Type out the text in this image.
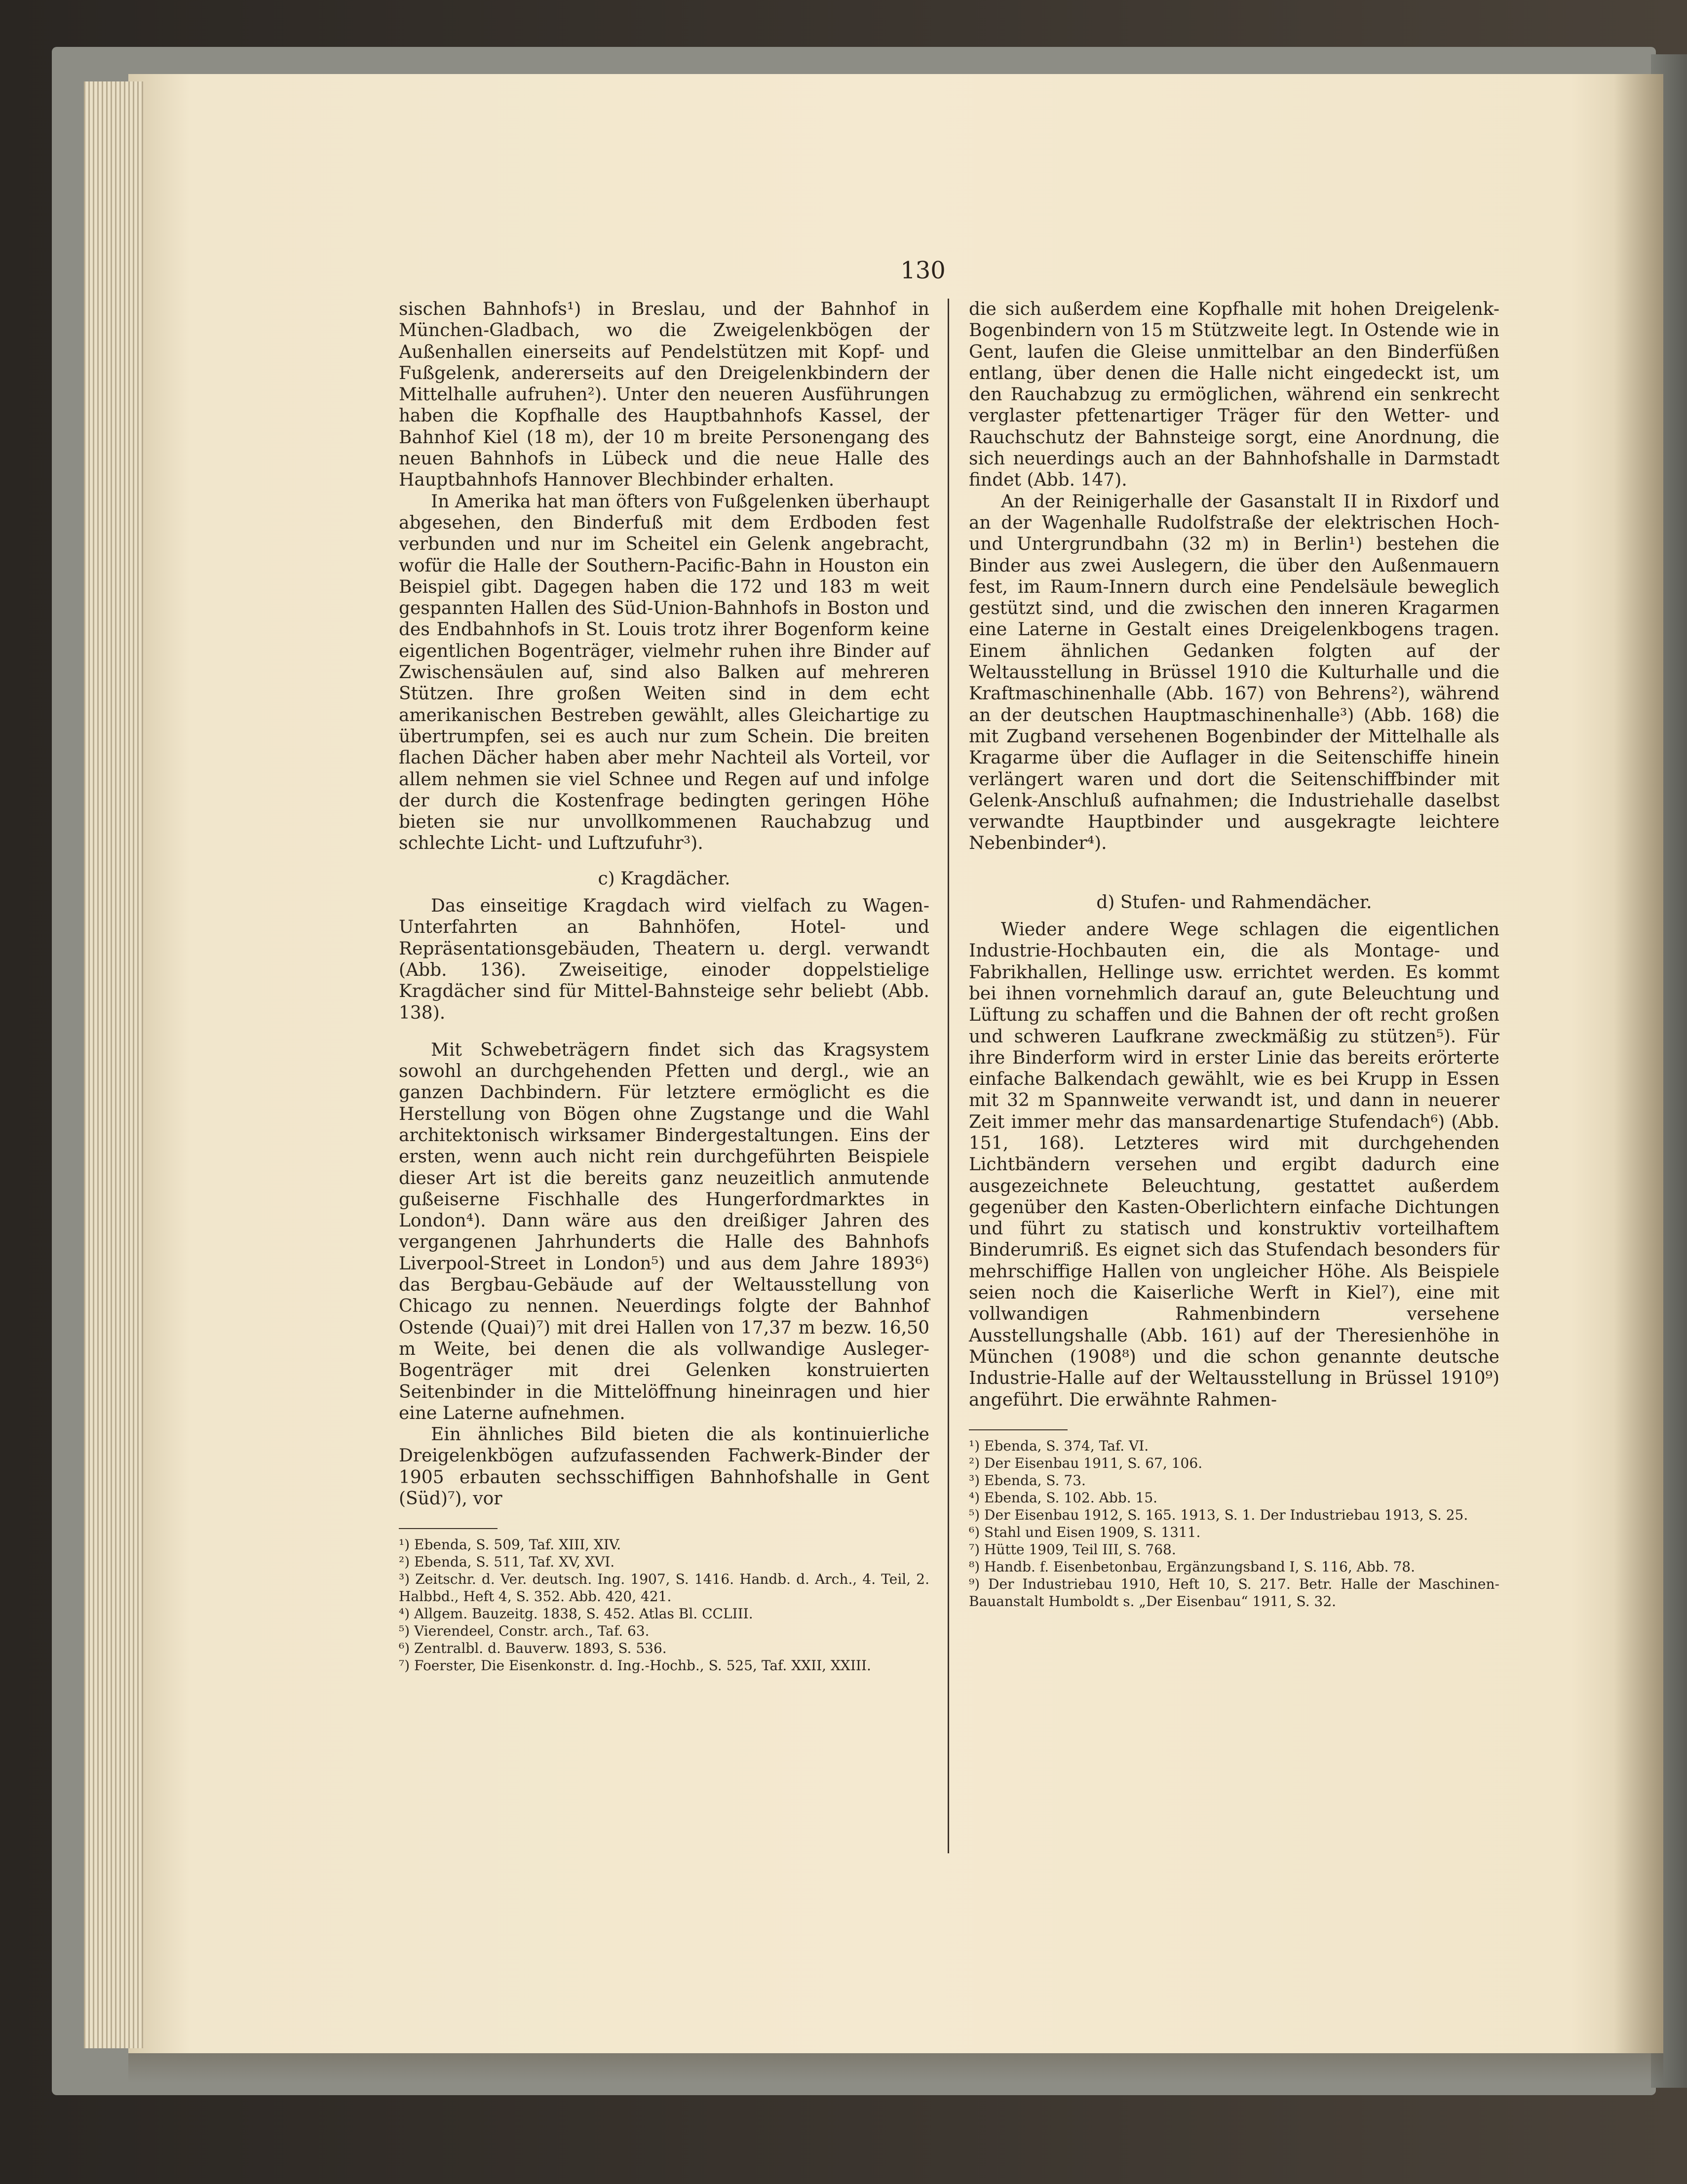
130

sischen Bahnhofs¹) in Breslau, und der Bahnhof in München-Gladbach, wo die Zweigelenkbögen der Außenhallen einerseits auf Pendelstützen mit Kopf- und Fußgelenk, andererseits auf den Dreigelenkbindern der Mittelhalle aufruhen²). Unter den neueren Ausführungen haben die Kopfhalle des Hauptbahnhofs Kassel, der Bahnhof Kiel (18 m), der 10 m breite Personengang des neuen Bahnhofs in Lübeck und die neue Halle des Hauptbahnhofs Hannover Blechbinder erhalten.

In Amerika hat man öfters von Fußgelenken überhaupt abgesehen, den Binderfuß mit dem Erdboden fest verbunden und nur im Scheitel ein Gelenk angebracht, wofür die Halle der Southern-Pacific-Bahn in Houston ein Beispiel gibt. Dagegen haben die 172 und 183 m weit gespannten Hallen des Süd-Union-Bahnhofs in Boston und des Endbahnhofs in St. Louis trotz ihrer Bogenform keine eigentlichen Bogenträger, vielmehr ruhen ihre Binder auf Zwischensäulen auf, sind also Balken auf mehreren Stützen. Ihre großen Weiten sind in dem echt amerikanischen Bestreben gewählt, alles Gleichartige zu übertrumpfen, sei es auch nur zum Schein. Die breiten flachen Dächer haben aber mehr Nachteil als Vorteil, vor allem nehmen sie viel Schnee und Regen auf und infolge der durch die Kostenfrage bedingten geringen Höhe bieten sie nur unvollkommenen Rauchabzug und schlechte Licht- und Luftzufuhr³).

c) Kragdächer.

Das einseitige Kragdach wird vielfach zu Wagen-Unterfahrten an Bahnhöfen, Hotel- und Repräsentationsgebäuden, Theatern u. dergl. verwandt (Abb. 136). Zweiseitige, einoder doppelstielige Kragdächer sind für Mittel-Bahnsteige sehr beliebt (Abb. 138).

Mit Schwebeträgern findet sich das Kragsystem sowohl an durchgehenden Pfetten und dergl., wie an ganzen Dachbindern. Für letztere ermöglicht es die Herstellung von Bögen ohne Zugstange und die Wahl architektonisch wirksamer Bindergestaltungen. Eins der ersten, wenn auch nicht rein durchgeführten Beispiele dieser Art ist die bereits ganz neuzeitlich anmutende gußeiserne Fischhalle des Hungerfordmarktes in London⁴). Dann wäre aus den dreißiger Jahren des vergangenen Jahrhunderts die Halle des Bahnhofs Liverpool-Street in London⁵) und aus dem Jahre 1893⁶) das Bergbau-Gebäude auf der Weltausstellung von Chicago zu nennen. Neuerdings folgte der Bahnhof Ostende (Quai)⁷) mit drei Hallen von 17,37 m bezw. 16,50 m Weite, bei denen die als vollwandige Ausleger-Bogenträger mit drei Gelenken konstruierten Seitenbinder in die Mittelöffnung hineinragen und hier eine Laterne aufnehmen.

Ein ähnliches Bild bieten die als kontinuierliche Dreigelenkbögen aufzufassenden Fachwerk-Binder der 1905 erbauten sechsschiffigen Bahnhofshalle in Gent (Süd)⁷), vor

¹) Ebenda, S. 509, Taf. XIII, XIV.

²) Ebenda, S. 511, Taf. XV, XVI.

³) Zeitschr. d. Ver. deutsch. Ing. 1907, S. 1416. Handb. d. Arch., 4. Teil, 2. Halbbd., Heft 4, S. 352. Abb. 420, 421.

⁴) Allgem. Bauzeitg. 1838, S. 452. Atlas Bl. CCLIII.

⁵) Vierendeel, Constr. arch., Taf. 63.

⁶) Zentralbl. d. Bauverw. 1893, S. 536.

⁷) Foerster, Die Eisenkonstr. d. Ing.-Hochb., S. 525, Taf. XXII, XXIII.

die sich außerdem eine Kopfhalle mit hohen Dreigelenk-Bogenbindern von 15 m Stützweite legt. In Ostende wie in Gent, laufen die Gleise unmittelbar an den Binderfüßen entlang, über denen die Halle nicht eingedeckt ist, um den Rauchabzug zu ermöglichen, während ein senkrecht verglaster pfettenartiger Träger für den Wetter- und Rauchschutz der Bahnsteige sorgt, eine Anordnung, die sich neuerdings auch an der Bahnhofshalle in Darmstadt findet (Abb. 147).

An der Reinigerhalle der Gasanstalt II in Rixdorf und an der Wagenhalle Rudolfstraße der elektrischen Hoch- und Untergrundbahn (32 m) in Berlin¹) bestehen die Binder aus zwei Auslegern, die über den Außenmauern fest, im Raum-Innern durch eine Pendelsäule beweglich gestützt sind, und die zwischen den inneren Kragarmen eine Laterne in Gestalt eines Dreigelenkbogens tragen. Einem ähnlichen Gedanken folgten auf der Weltausstellung in Brüssel 1910 die Kulturhalle und die Kraftmaschinenhalle (Abb. 167) von Behrens²), während an der deutschen Hauptmaschinenhalle³) (Abb. 168) die mit Zugband versehenen Bogenbinder der Mittelhalle als Kragarme über die Auflager in die Seitenschiffe hinein verlängert waren und dort die Seitenschiffbinder mit Gelenk-Anschluß aufnahmen; die Industriehalle daselbst verwandte Hauptbinder und ausgekragte leichtere Nebenbinder⁴).

d) Stufen- und Rahmendächer.

Wieder andere Wege schlagen die eigentlichen Industrie-Hochbauten ein, die als Montage- und Fabrikhallen, Hellinge usw. errichtet werden. Es kommt bei ihnen vornehmlich darauf an, gute Beleuchtung und Lüftung zu schaffen und die Bahnen der oft recht großen und schweren Laufkrane zweckmäßig zu stützen⁵). Für ihre Binderform wird in erster Linie das bereits erörterte einfache Balkendach gewählt, wie es bei Krupp in Essen mit 32 m Spannweite verwandt ist, und dann in neuerer Zeit immer mehr das mansardenartige Stufendach⁶) (Abb. 151, 168). Letzteres wird mit durchgehenden Lichtbändern versehen und ergibt dadurch eine ausgezeichnete Beleuchtung, gestattet außerdem gegenüber den Kasten-Oberlichtern einfache Dichtungen und führt zu statisch und konstruktiv vorteilhaftem Binderumriß. Es eignet sich das Stufendach besonders für mehrschiffige Hallen von ungleicher Höhe. Als Beispiele seien noch die Kaiserliche Werft in Kiel⁷), eine mit vollwandigen Rahmenbindern versehene Ausstellungshalle (Abb. 161) auf der Theresienhöhe in München (1908⁸) und die schon genannte deutsche Industrie-Halle auf der Weltausstellung in Brüssel 1910⁹) angeführt. Die erwähnte Rahmen-

¹) Ebenda, S. 374, Taf. VI.

²) Der Eisenbau 1911, S. 67, 106.

³) Ebenda, S. 73.

⁴) Ebenda, S. 102. Abb. 15.

⁵) Der Eisenbau 1912, S. 165. 1913, S. 1. Der Industriebau 1913, S. 25.

⁶) Stahl und Eisen 1909, S. 1311.

⁷) Hütte 1909, Teil III, S. 768.

⁸) Handb. f. Eisenbetonbau, Ergänzungsband I, S. 116, Abb. 78.

⁹) Der Industriebau 1910, Heft 10, S. 217. Betr. Halle der Maschinen-Bauanstalt Humboldt s. „Der Eisenbau“ 1911, S. 32.
